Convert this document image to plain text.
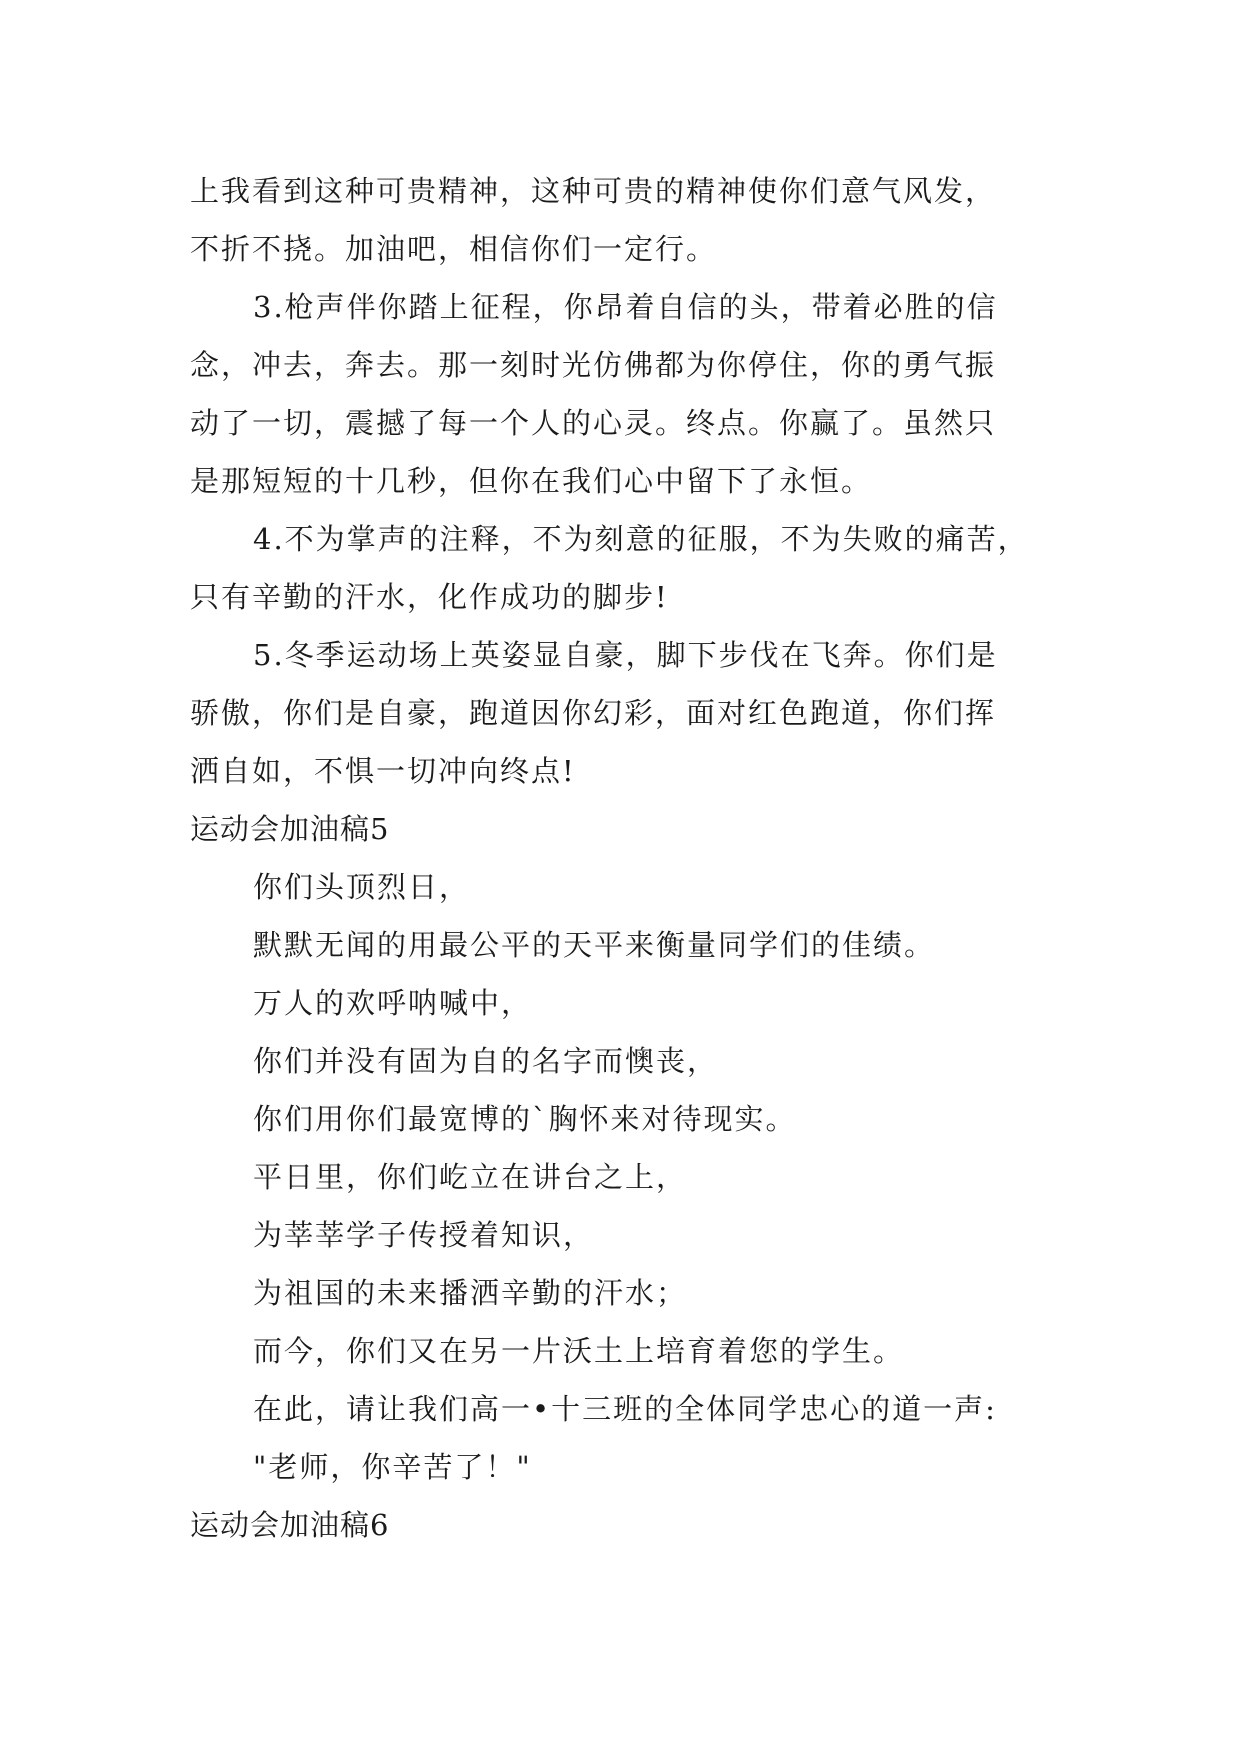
上我看到这种可贵精神，这种可贵的精神使你们意气风发，
不折不挠。加油吧，相信你们一定行。
3.枪声伴你踏上征程，你昂着自信的头，带着必胜的信
念，冲去，奔去。那一刻时光仿佛都为你停住，你的勇气振
动了一切，震撼了每一个人的心灵。终点。你赢了。虽然只
是那短短的十几秒，但你在我们心中留下了永恒。
4.不为掌声的注释，不为刻意的征服，不为失败的痛苦，
只有辛勤的汗水，化作成功的脚步!
5.冬季运动场上英姿显自豪，脚下步伐在飞奔。你们是
骄傲，你们是自豪，跑道因你幻彩，面对红色跑道，你们挥
洒自如，不惧一切冲向终点!
运动会加油稿5
你们头顶烈日，
默默无闻的用最公平的天平来衡量同学们的佳绩。
万人的欢呼呐喊中，
你们并没有固为自的名字而懊丧，
你们用你们最宽博的`胸怀来对待现实。
平日里，你们屹立在讲台之上，
为莘莘学子传授着知识，
为祖国的未来播洒辛勤的汗水；
而今，你们又在另一片沃土上培育着您的学生。
在此，请让我们高一•十三班的全体同学忠心的道一声:
"老师，你辛苦了！"
运动会加油稿6
